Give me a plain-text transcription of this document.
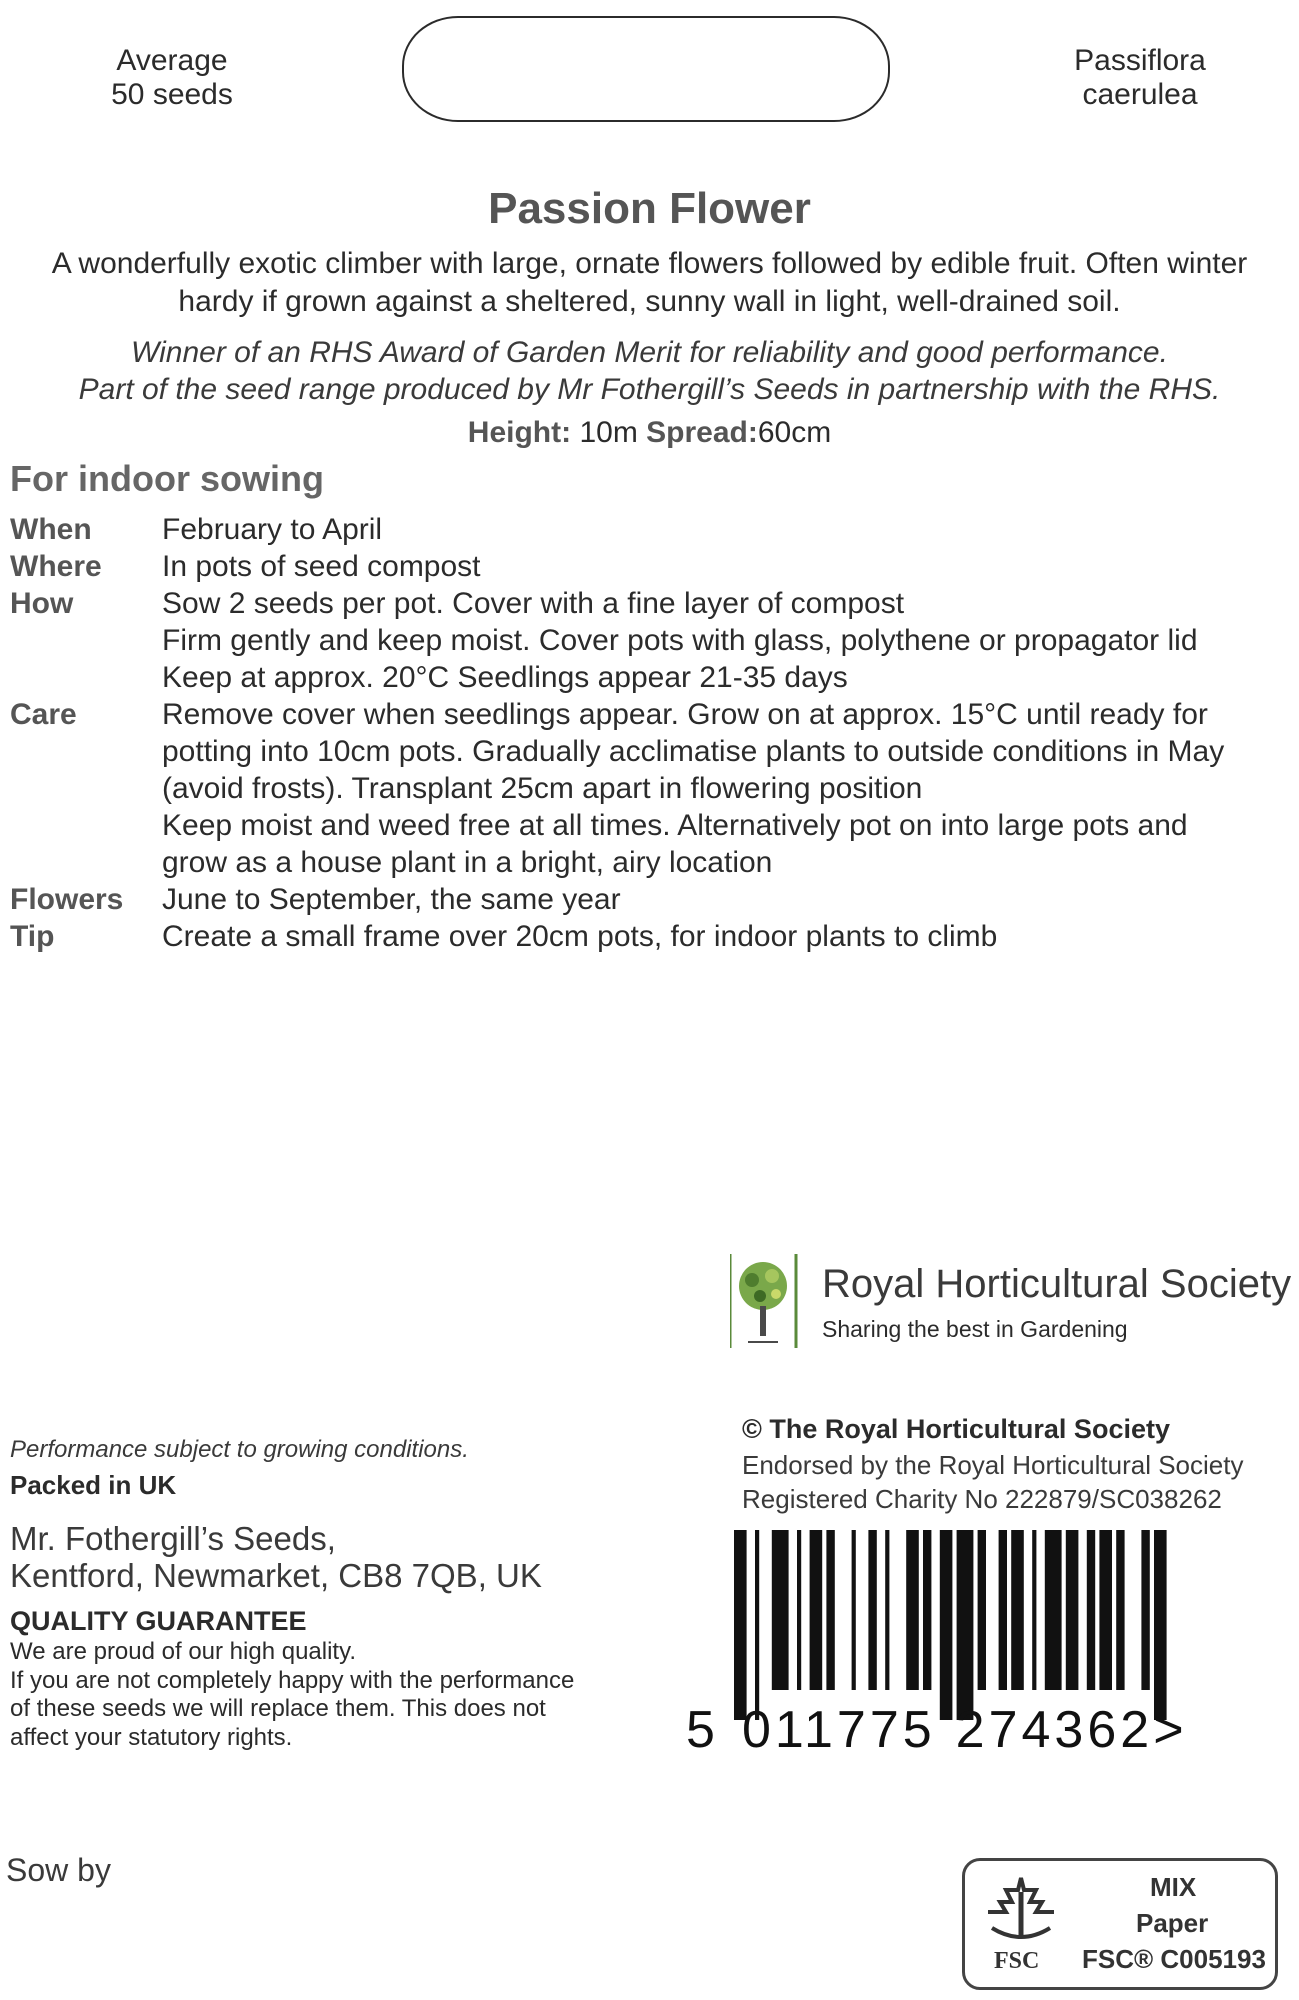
Average
50 seeds
Passiflora
caerulea
Passion Flower
A wonderfully exotic climber with large, ornate flowers followed by edible fruit. Often winter
hardy if grown against a sheltered, sunny wall in light, well-drained soil.
Winner of an RHS Award of Garden Merit for reliability and good performance.
Part of the seed range produced by Mr Fothergill’s Seeds in partnership with the RHS.
Height: 10m Spread:60cm
For indoor sowing
When	February to April
Where	In pots of seed compost
How	Sow 2 seeds per pot. Cover with a fine layer of compost
Firm gently and keep moist. Cover pots with glass, polythene or propagator lid
Keep at approx. 20°C Seedlings appear 21-35 days
Care	Remove cover when seedlings appear. Grow on at approx. 15°C until ready for
potting into 10cm pots. Gradually acclimatise plants to outside conditions in May
(avoid frosts). Transplant 25cm apart in flowering position
Keep moist and weed free at all times. Alternatively pot on into large pots and
grow as a house plant in a bright, airy location
Flowers	June to September, the same year
Tip	Create a small frame over 20cm pots, for indoor plants to climb
Royal Horticultural Society
Sharing the best in Gardening
Performance subject to growing conditions.
Packed in UK
Mr. Fothergill’s Seeds,
Kentford, Newmarket, CB8 7QB, UK
QUALITY GUARANTEE
We are proud of our high quality.
If you are not completely happy with the performance
of these seeds we will replace them. This does not
affect your statutory rights.
© The Royal Horticultural Society
Endorsed by the Royal Horticultural Society
Registered Charity No 222879/SC038262
5 011775 274362>
Sow by
FSC
MIX
Paper
FSC® C005193
